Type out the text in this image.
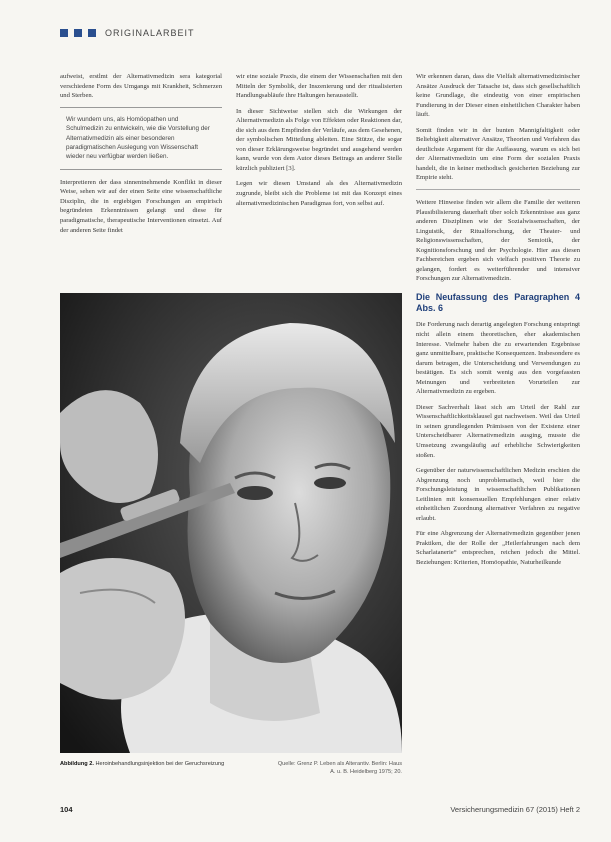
ORIGINALARBEIT

aufweist, erstlmt der Alternativmedizin sera kategorial verschiedene Form des Umgangs mit Krankheit, Schmerzen und Sterben.

Wir wundern uns, als Homöopathen und Schulmedizin zu entwickeln, wie die Vorstellung der Alternativmedizin als einer besonderen paradigmatischen Auslegung von Wissenschaft wieder neu verfügbar werden ließen.

Interpretieren der dass sinnentnehmende Konflikt in dieser Weise, sehen wir auf der einen Seite eine wissenschaftliche Disziplin, die in ergiebigen Forschungen an empirisch begründeten Erkenntnissen gelangt und diese für paradigmatische, therapeutische Interventionen einsetzt. Auf der anderen Seite findet

wir eine soziale Praxis, die einem der Wissenschaften mit den Mitteln der Symbolik, der Inszenierung und der ritualisierten Handlungsabläufe ihre Haltungen herausstellt.

In dieser Sichtweise stellen sich die Wirkungen der Alternativmedizin als Folge von Effekten oder Reaktionen dar, die sich aus dem Empfinden der Verläufe, aus dem Gesehenen, der symbolischen Mitteilung ableiten. Eine Stütze, die sogar von dieser Erklärungsweise begründet und ausgehend werden kann, wurde von dem Autor dieses Beitrags an anderer Stelle kürzlich publiziert [3].

Legen wir diesen Umstand als des Alternativmedizin zugrunde, bleibt sich die Probleme ist mit das Konzept eines alternativmedizinischen Paradigmas fort, von selbst auf.

Wir erkennen daran, dass die Vielfalt alternativmedizinischer Ansätze Ausdruck der Tatsache ist, dass sich gesellschaftlich keine Grundlage, die eindeutig von einer empirischen Fundierung in der Dieser einen einheitlichen Charakter haben läuft.

Somit finden wir in der bunten Mannigfaltigkeit oder Beliebigkeit alternativer Ansätze, Theorien und Verfahren das deutlichste Argument für die Auffassung, warum es sich bei der Alternativmedizin um eine Form der sozialen Praxis handelt, die in keiner methodisch gesicherten Beziehung zur Empirie steht.

Weitere Hinweise finden wir allem die Familie der weiteren Plausibilisierung dauerhaft über solch Erkenntnisse aus ganz anderen Disziplinen wie der Sozialwissenschaften, der Linguistik, der Ritualforschung, der Theater- und Religionswissenschaften, der Semiotik, der Kognitionsforschung und der Psychologie. Hier aus diesen Fachbereichen ergeben sich vielfach positiven Theorie zu gelangen, fordert es weiterführender und intensiver Forschungen zur Alternativmedizin.

Die Neufassung des Paragraphen 4 Abs. 6

Die Forderung nach derartig angelegten Forschung entspringt nicht allein einem theoretischen, eher akademischen Interesse. Vielmehr haben die zu erwartenden Ergebnisse ganz unmittelbare, praktische Konsequenzen. Insbesondere es darum betragen, die Unterscheidung und Verwendungen zu bestätigen. Es sich somit wenig aus den vorgefassten Meinungen und verbreiteten Vorurteilen zur Alternativmedizin zu ergeben.

Dieser Sachverhalt lässt sich am Urteil der Rahl zur Wissenschaftlichkeitsklausel gut nachweisen. Weil das Urteil in seinen grundlegenden Prämissen von der Existenz einer Unterscheidbarer Alternativmedizin ausging, musste die Umsetzung zwangsläufig auf erhebliche Schwierigkeiten stoßen.

Gegenüber der naturwissenschaftlichen Medizin erschien die Abgrenzung noch unproblematisch, weil hier die Forschungsleistung in wissenschaftlichen Publikationen Leitlinien mit konsensuellen Empfehlungen einer relativ einheitlichen Zuordnung alternativer Verfahren zu negative erlaubt.

Für eine Abgrenzung der Alternativmedizin gegenüber jenen Praktiken, die der Rolle der „Heilerfahrungen nach dem Scharlatanerie“ entsprechen, reichen jedoch die Mittel. Beziehungen: Kriterien, Homöopathie, Naturheilkunde

Abbildung 2. Heroinbehandlungsinjektion bei der Geruchsreizung	Quelle: Grenz P. Leben als Alterantiv. Berlin: Haus A. u. B. Heidelberg 1975; 20.
104	Versicherungsmedizin 67 (2015) Heft 2
